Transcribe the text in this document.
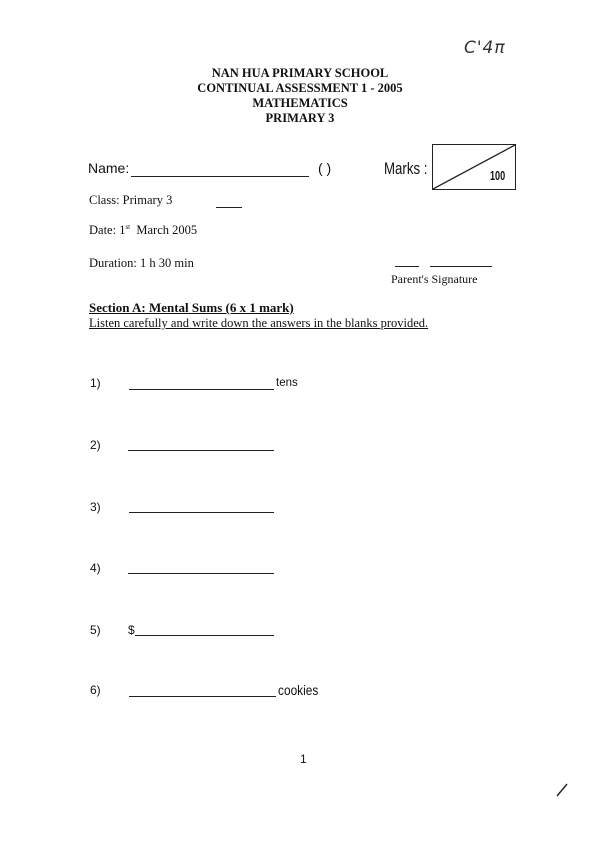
C'4π
NAN HUA PRIMARY SCHOOL
CONTINUAL ASSESSMENT 1 - 2005
MATHEMATICS
PRIMARY 3
Name:	( )	Marks :	100
Class: Primary 3
Date: 1st March 2005
Duration: 1 h 30 min
Parent's Signature
Section A: Mental Sums (6 x 1 mark)
Listen carefully and write down the answers in the blanks provided.
1)	tens
2)
3)
4)
5) $
6)	cookies
1
